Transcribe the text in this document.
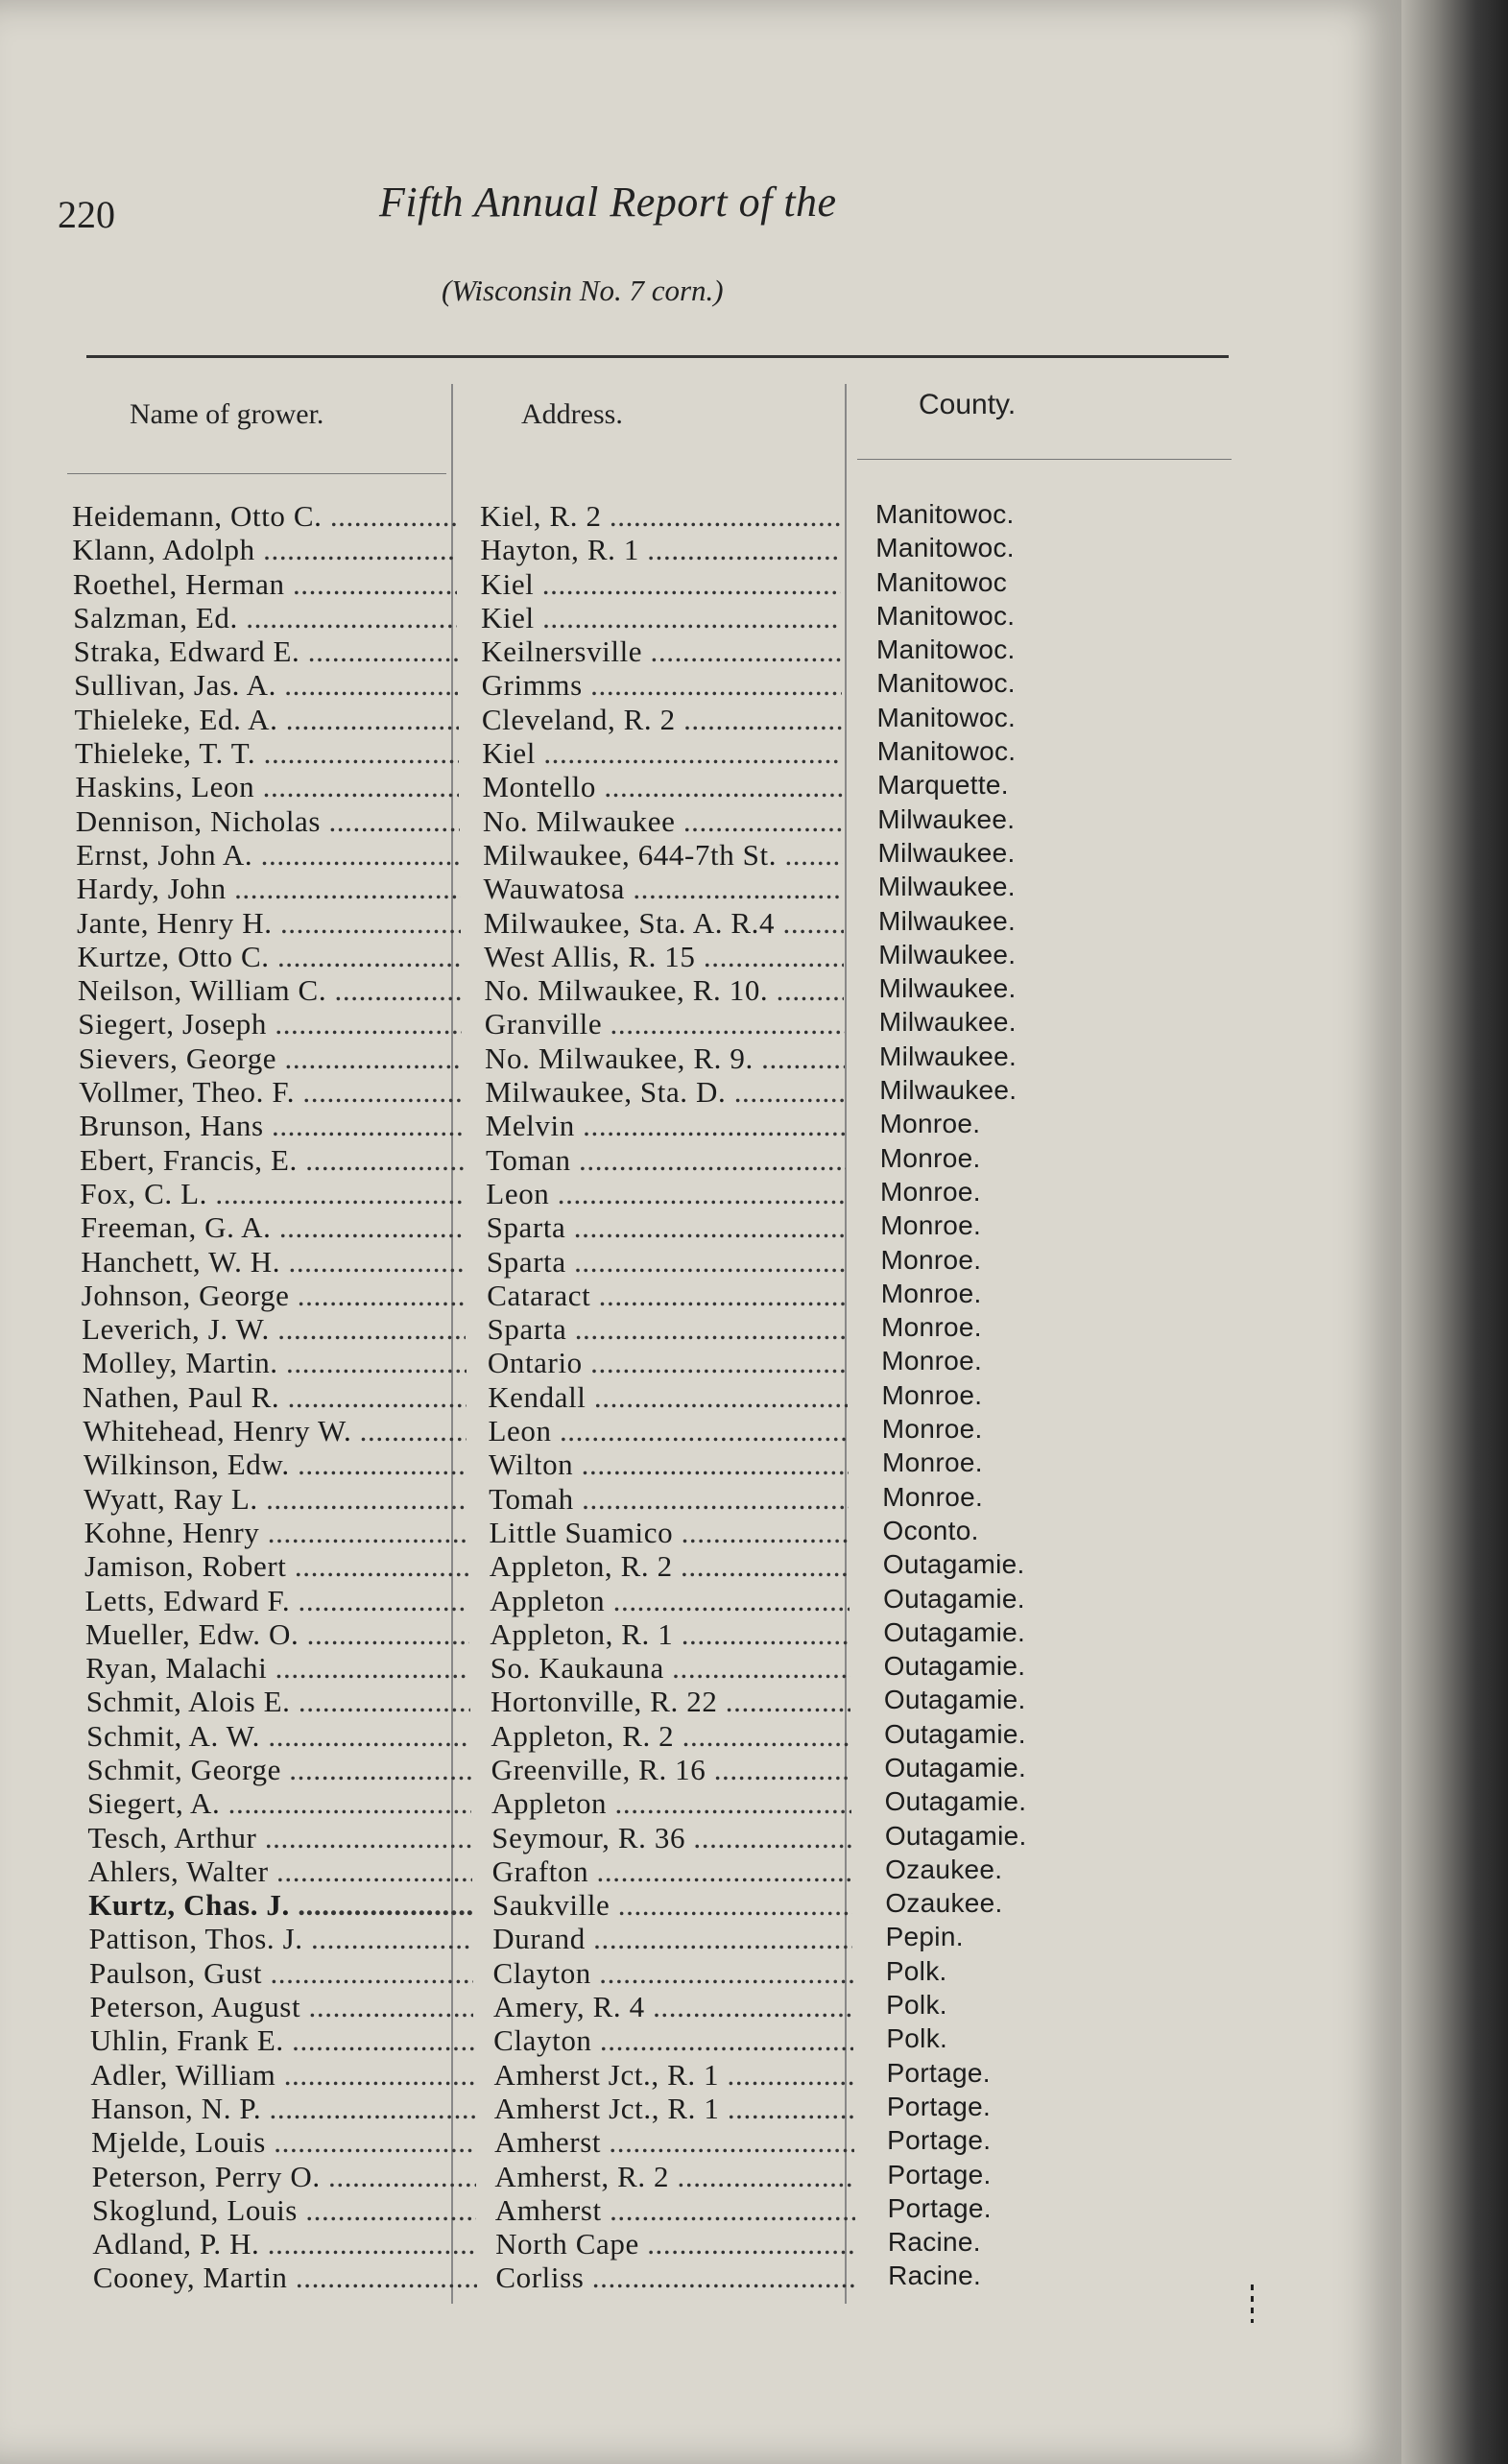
220	Fifth Annual Report of the
(Wisconsin No. 7 corn.)
Name of grower.	Address.	County.
Heidemann, Otto C. .....	Kiel, R. 2 .....	Manitowoc.
Klann, Adolph .....	Hayton, R. 1 .....	Manitowoc.
Roethel, Herman .....	Kiel .....	Manitowoc
Salzman, Ed. .....	Kiel .....	Manitowoc.
Straka, Edward E. .....	Keilnersville .....	Manitowoc.
Sullivan, Jas. A. .....	Grimms .....	Manitowoc.
Thieleke, Ed. A. .....	Cleveland, R. 2 .....	Manitowoc.
Thieleke, T. T. .....	Kiel .....	Manitowoc.
Haskins, Leon .....	Montello .....	Marquette.
Dennison, Nicholas .....	No. Milwaukee .....	Milwaukee.
Ernst, John A. .....	Milwaukee, 644-7th St. .....	Milwaukee.
Hardy, John .....	Wauwatosa .....	Milwaukee.
Jante, Henry H. .....	Milwaukee, Sta. A. R.4 .....	Milwaukee.
Kurtze, Otto C. .....	West Allis, R. 15 .....	Milwaukee.
Neilson, William C. .....	No. Milwaukee, R. 10. .....	Milwaukee.
Siegert, Joseph .....	Granville .....	Milwaukee.
Sievers, George .....	No. Milwaukee, R. 9. .....	Milwaukee.
Vollmer, Theo. F. .....	Milwaukee, Sta. D. .....	Milwaukee.
Brunson, Hans .....	Melvin .....	Monroe.
Ebert, Francis, E. .....	Toman .....	Monroe.
Fox, C. L. .....	Leon .....	Monroe.
Freeman, G. A. .....	Sparta .....	Monroe.
Hanchett, W. H. .....	Sparta .....	Monroe.
Johnson, George .....	Cataract .....	Monroe.
Leverich, J. W. .....	Sparta .....	Monroe.
Molley, Martin. .....	Ontario .....	Monroe.
Nathen, Paul R. .....	Kendall .....	Monroe.
Whitehead, Henry W. .....	Leon .....	Monroe.
Wilkinson, Edw. .....	Wilton .....	Monroe.
Wyatt, Ray L. .....	Tomah .....	Monroe.
Kohne, Henry .....	Little Suamico .....	Oconto.
Jamison, Robert .....	Appleton, R. 2 .....	Outagamie.
Letts, Edward F. .....	Appleton .....	Outagamie.
Mueller, Edw. O. .....	Appleton, R. 1 .....	Outagamie.
Ryan, Malachi .....	So. Kaukauna .....	Outagamie.
Schmit, Alois E. .....	Hortonville, R. 22 .....	Outagamie.
Schmit, A. W. .....	Appleton, R. 2 .....	Outagamie.
Schmit, George .....	Greenville, R. 16 .....	Outagamie.
Siegert, A. .....	Appleton .....	Outagamie.
Tesch, Arthur .....	Seymour, R. 36 .....	Outagamie.
Ahlers, Walter .....	Grafton .....	Ozaukee.
Kurtz, Chas. J. .....	Saukville .....	Ozaukee.
Pattison, Thos. J. .....	Durand .....	Pepin.
Paulson, Gust .....	Clayton .....	Polk.
Peterson, August .....	Amery, R. 4 .....	Polk.
Uhlin, Frank E. .....	Clayton .....	Polk.
Adler, William .....	Amherst Jct., R. 1 .....	Portage.
Hanson, N. P. .....	Amherst Jct., R. 1 .....	Portage.
Mjelde, Louis .....	Amherst .....	Portage.
Peterson, Perry O. .....	Amherst, R. 2 .....	Portage.
Skoglund, Louis .....	Amherst .....	Portage.
Adland, P. H. .....	North Cape .....	Racine.
Cooney, Martin .....	Corliss .....	Racine.
